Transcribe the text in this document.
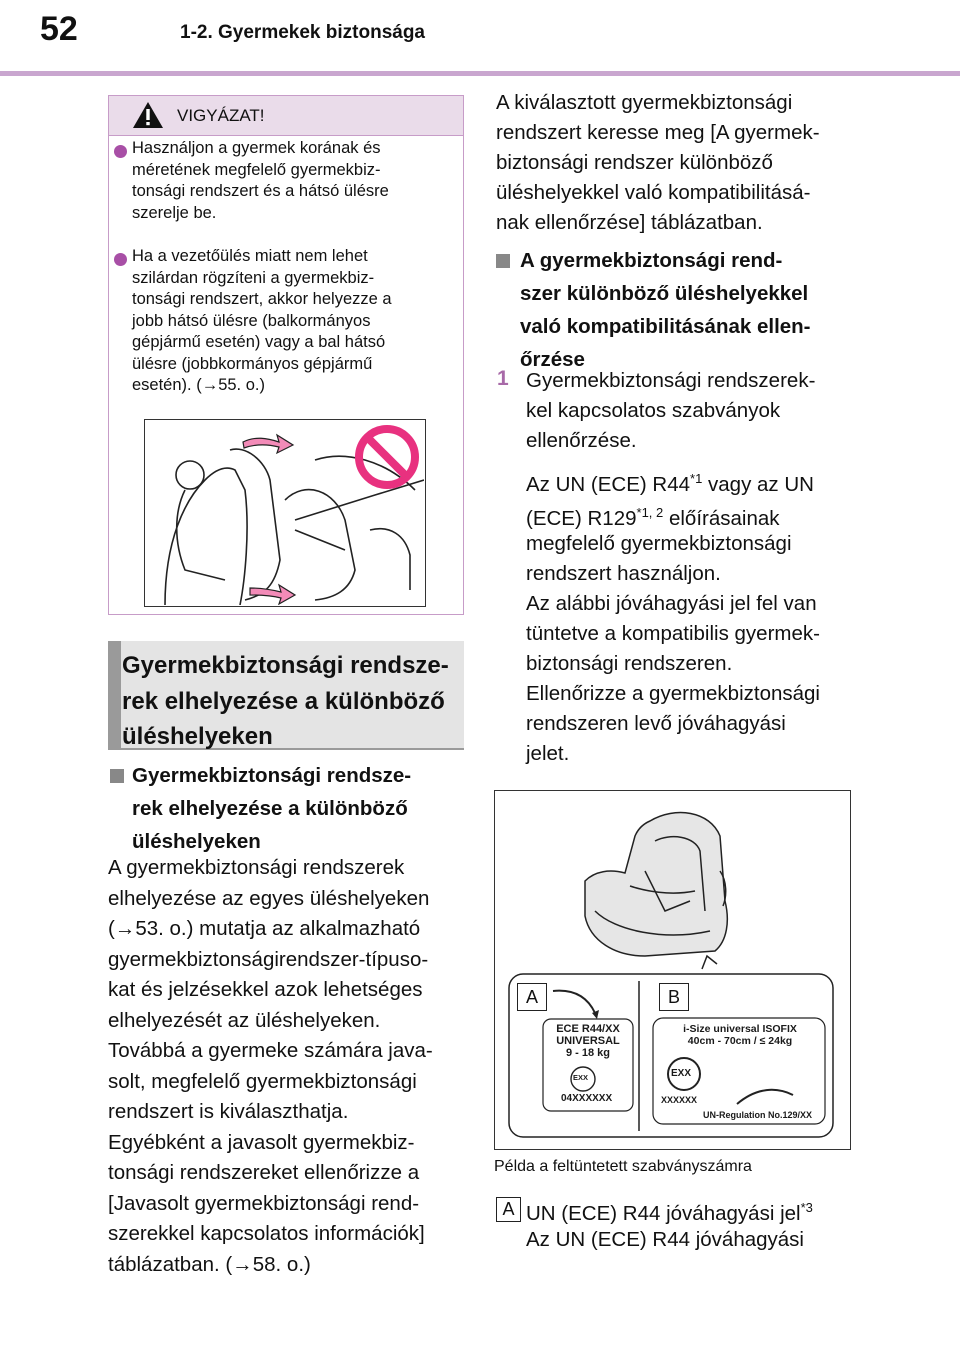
52	1-2. Gyermekek biztonsága
VIGYÁZAT!
Használjon a gyermek korának és
méretének megfelelő gyermekbiz-
tonsági rendszert és a hátsó ülésre
szerelje be.
Ha a vezetőülés miatt nem lehet
szilárdan rögzíteni a gyermekbiz-
tonsági rendszert, akkor helyezze a
jobb hátsó ülésre (balkormányos
gépjármű esetén) vagy a bal hátsó
ülésre (jobbkormányos gépjármű
esetén). (→55. o.)
Gyermekbiztonsági rendsze-
rek elhelyezése a különböző
üléshelyeken
Gyermekbiztonsági rendsze-
rek elhelyezése a különböző
üléshelyeken
A gyermekbiztonsági rendszerek
elhelyezése az egyes üléshelyeken
(→53. o.) mutatja az alkalmazható
gyermekbiztonságirendszer-típuso-
kat és jelzésekkel azok lehetséges
elhelyezését az üléshelyeken.
Továbbá a gyermeke számára java-
solt, megfelelő gyermekbiztonsági
rendszert is kiválaszthatja.
Egyébként a javasolt gyermekbiz-
tonsági rendszereket ellenőrizze a
[Javasolt gyermekbiztonsági rend-
szerekkel kapcsolatos információk]
táblázatban. (→58. o.)
A kiválasztott gyermekbiztonsági
rendszert keresse meg [A gyermek-
biztonsági rendszer különböző
üléshelyekkel való kompatibilitásá-
nak ellenőrzése] táblázatban.
A gyermekbiztonsági rend-
szer különböző üléshelyekkel
való kompatibilitásának ellen-
őrzése
1 Gyermekbiztonsági rendszerek-
kel kapcsolatos szabványok
ellenőrzése.
Az UN (ECE) R44$^{*1}$ vagy az UN
(ECE) R129$^{*1, 2}$ előírásainak
megfelelő gyermekbiztonsági
rendszert használjon.
Az alábbi jóváhagyási jel fel van
tüntetve a kompatibilis gyermek-
biztonsági rendszeren.
Ellenőrizze a gyermekbiztonsági
rendszeren levő jóváhagyási
jelet.
A	B
ECE R44/XX
UNIVERSAL
9 - 18 kg
EXX
04XXXXXX
i-Size universal ISOFIX
40cm - 70cm / ≤ 24kg
EXX
XXXXXX
UN-Regulation No.129/XX
Példa a feltüntetett szabványszámra
A UN (ECE) R44 jóváhagyási jel$^{*3}$
Az UN (ECE) R44 jóváhagyási
